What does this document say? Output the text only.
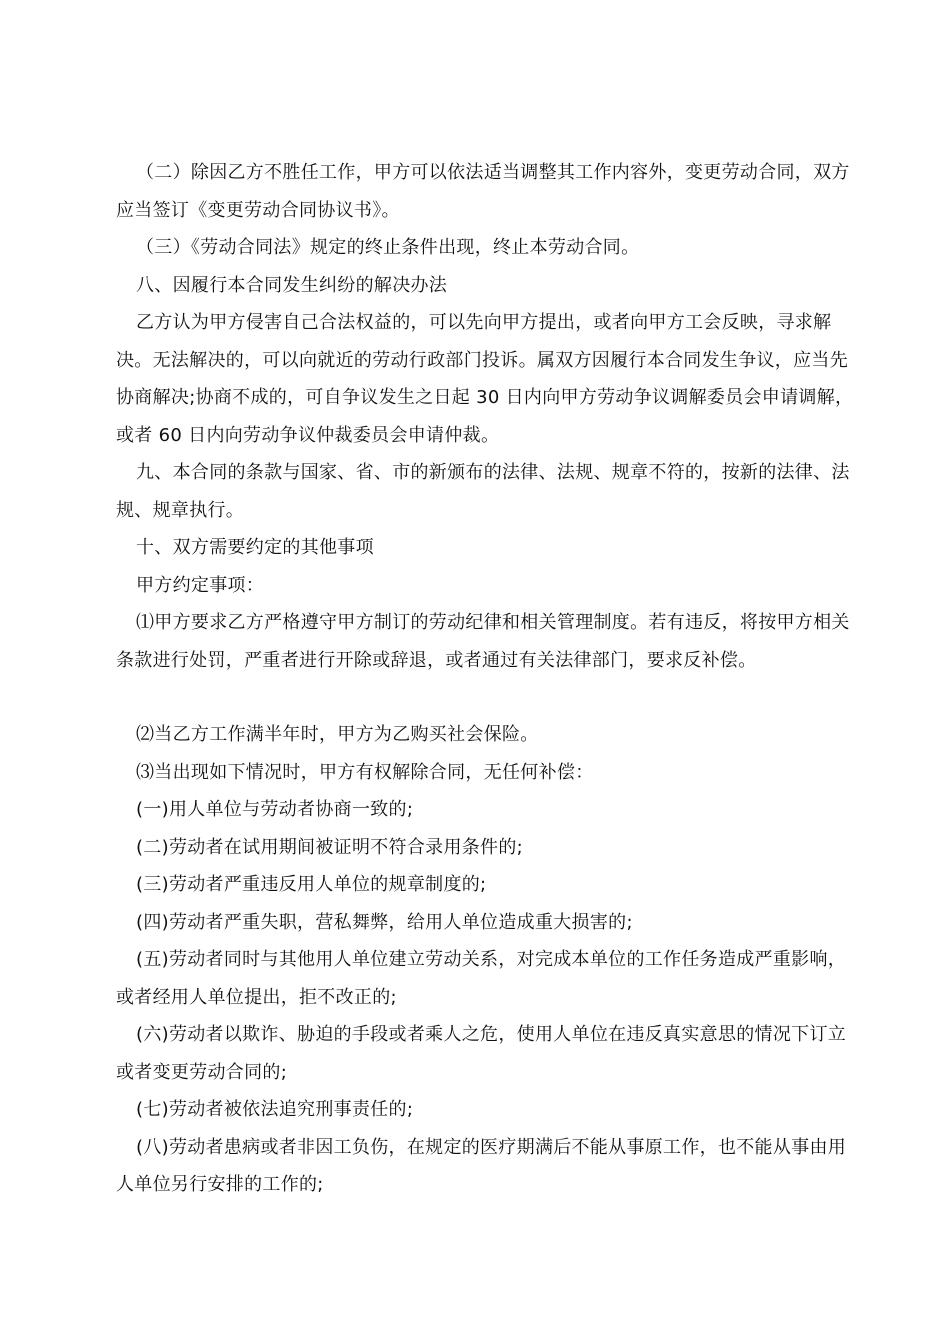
（二）除因乙方不胜任工作，甲方可以依法适当调整其工作内容外，变更劳动合同，双方应当签订《变更劳动合同协议书》。

（三）《劳动合同法》规定的终止条件出现，终止本劳动合同。

八、因履行本合同发生纠纷的解决办法

乙方认为甲方侵害自己合法权益的，可以先向甲方提出，或者向甲方工会反映，寻求解决。无法解决的，可以向就近的劳动行政部门投诉。属双方因履行本合同发生争议，应当先协商解决;协商不成的，可自争议发生之日起 30 日内向甲方劳动争议调解委员会申请调解，或者 60 日内向劳动争议仲裁委员会申请仲裁。

九、本合同的条款与国家、省、市的新颁布的法律、法规、规章不符的，按新的法律、法规、规章执行。

十、双方需要约定的其他事项

甲方约定事项：

⑴甲方要求乙方严格遵守甲方制订的劳动纪律和相关管理制度。若有违反，将按甲方相关条款进行处罚，严重者进行开除或辞退，或者通过有关法律部门，要求反补偿。

⑵当乙方工作满半年时，甲方为乙购买社会保险。

⑶当出现如下情况时，甲方有权解除合同，无任何补偿：

(一)用人单位与劳动者协商一致的;

(二)劳动者在试用期间被证明不符合录用条件的;

(三)劳动者严重违反用人单位的规章制度的;

(四)劳动者严重失职，营私舞弊，给用人单位造成重大损害的;

(五)劳动者同时与其他用人单位建立劳动关系，对完成本单位的工作任务造成严重影响，或者经用人单位提出，拒不改正的;

(六)劳动者以欺诈、胁迫的手段或者乘人之危，使用人单位在违反真实意思的情况下订立或者变更劳动合同的;

(七)劳动者被依法追究刑事责任的;

(八)劳动者患病或者非因工负伤，在规定的医疗期满后不能从事原工作，也不能从事由用人单位另行安排的工作的;
